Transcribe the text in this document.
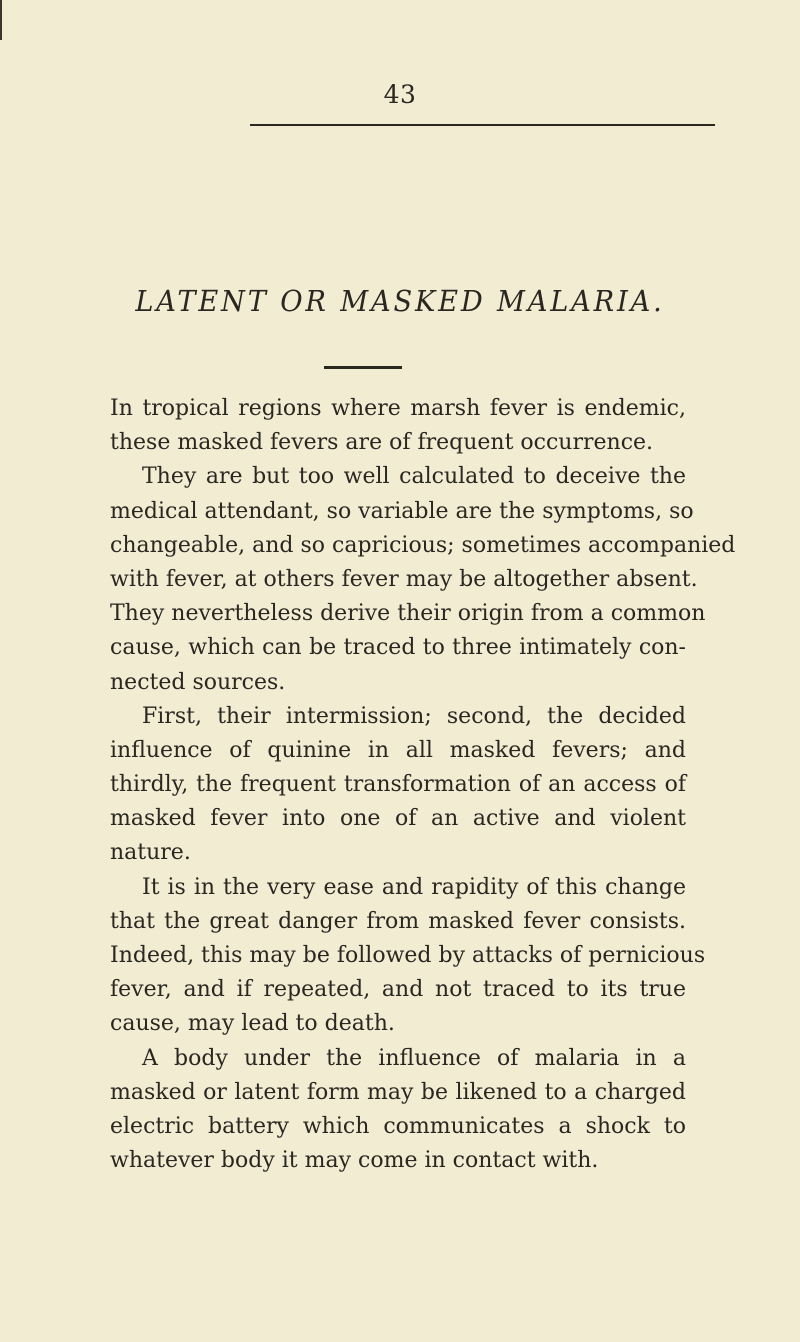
43
LATENT OR MASKED MALARIA.
In tropical regions where marsh fever is endemic,
these masked fevers are of frequent occurrence.
They are but too well calculated to deceive the
medical attendant, so variable are the symptoms, so
changeable, and so capricious; sometimes accompanied
with fever, at others fever may be altogether absent.
They nevertheless derive their origin from a common
cause, which can be traced to three intimately con-
nected sources.
First, their intermission; second, the decided
influence of quinine in all masked fevers; and
thirdly, the frequent transformation of an access of
masked fever into one of an active and violent
nature.
It is in the very ease and rapidity of this change
that the great danger from masked fever consists.
Indeed, this may be followed by attacks of pernicious
fever, and if repeated, and not traced to its true
cause, may lead to death.
A body under the influence of malaria in a
masked or latent form may be likened to a charged
electric battery which communicates a shock to
whatever body it may come in contact with.
